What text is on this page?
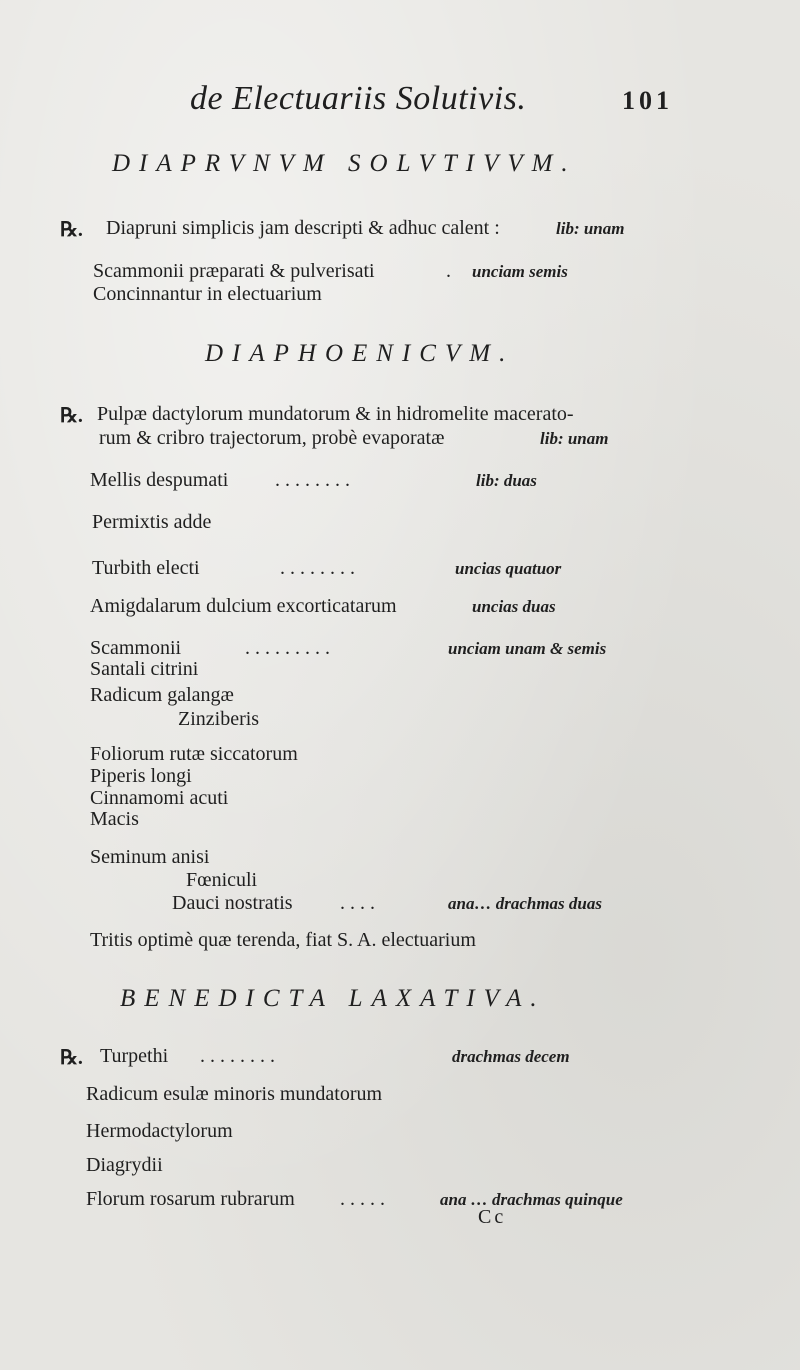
de Electuariis Solutivis.	101
DIAPRVNVM SOLVTIVVM.
℞. Diapruni simplicis jam descripti & adhuc calent :	lib: unam
Scammonii præparati & pulverisati	. unciam semis
Concinnantur in electuarium
DIAPHOENICVM.
℞. Pulpæ dactylorum mundatorum & in hidromelite macerato-
rum & cribro trajectorum, probè evaporatæ	lib: unam
Mellis despumati . . . . . . . .	lib: duas
Permixtis adde
Turbith electi	. . . . . . . .	uncias quatuor
Amigdalarum dulcium excorticatarum	uncias duas
Scammonii	. . . . . . . . .	unciam unam & semis
Santali citrini
Radicum galangæ
Zinziberis
Foliorum rutæ siccatorum
Piperis longi
Cinnamomi acuti
Macis
Seminum anisi
Fœniculi
Dauci nostratis . . . .	ana… drachmas duas
Tritis optimè quæ terenda, fiat S. A. electuarium
BENEDICTA LAXATIVA.
℞. Turpethi . . . . . . . .	drachmas decem
Radicum esulæ minoris mundatorum
Hermodactylorum
Diagrydii
Florum rosarum rubrarum . . . . .	ana … drachmas quinque
Cc
